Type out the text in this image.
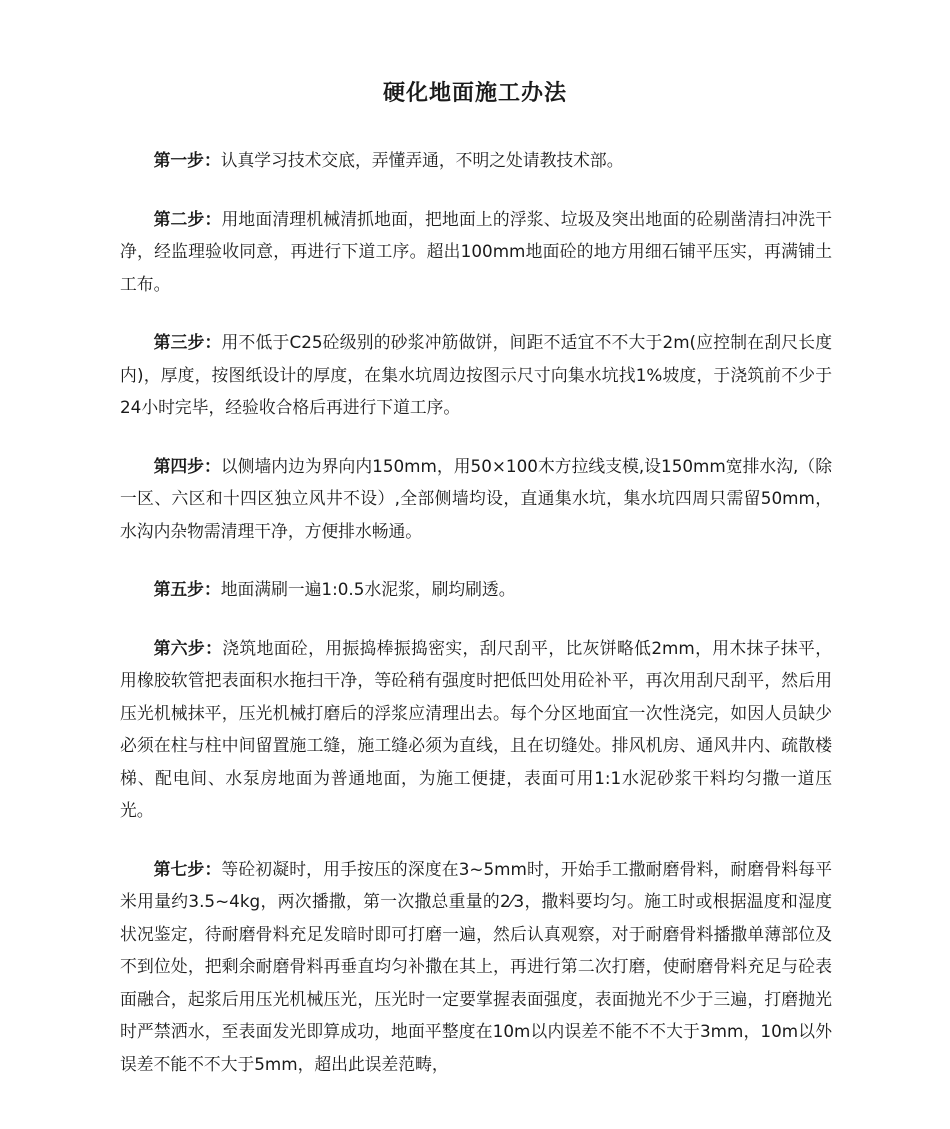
硬化地面施工办法

第一步：认真学习技术交底，弄懂弄通，不明之处请教技术部。

第二步：用地面清理机械清抓地面，把地面上的浮浆、垃圾及突出地面的砼剔凿清扫冲洗干净，经监理验收同意，再进行下道工序。超出100mm地面砼的地方用细石铺平压实，再满铺土工布。

第三步：用不低于C25砼级别的砂浆冲筋做饼，间距不适宜不不大于2m(应控制在刮尺长度内)，厚度，按图纸设计的厚度，在集水坑周边按图示尺寸向集水坑找1%坡度，于浇筑前不少于24小时完毕，经验收合格后再进行下道工序。

第四步：以侧墙内边为界向内150mm，用50×100木方拉线支模,设150mm宽排水沟,（除一区、六区和十四区独立风井不设）,全部侧墙均设，直通集水坑，集水坑四周只需留50mm，水沟内杂物需清理干净，方便排水畅通。

第五步：地面满刷一遍1:0.5水泥浆，刷均刷透。

第六步：浇筑地面砼，用振捣棒振捣密实，刮尺刮平，比灰饼略低2mm，用木抹子抹平，用橡胶软管把表面积水拖扫干净，等砼稍有强度时把低凹处用砼补平，再次用刮尺刮平，然后用压光机械抹平，压光机械打磨后的浮浆应清理出去。每个分区地面宜一次性浇完，如因人员缺少必须在柱与柱中间留置施工缝，施工缝必须为直线，且在切缝处。排风机房、通风井内、疏散楼梯、配电间、水泵房地面为普通地面，为施工便捷，表面可用1:1水泥砂浆干料均匀撒一道压光。

第七步：等砼初凝时，用手按压的深度在3~5mm时，开始手工撒耐磨骨料，耐磨骨料每平米用量约3.5~4kg，两次播撒，第一次撒总重量的2⁄3，撒料要均匀。施工时或根据温度和湿度状况鉴定，待耐磨骨料充足发暗时即可打磨一遍，然后认真观察，对于耐磨骨料播撒单薄部位及不到位处，把剩余耐磨骨料再垂直均匀补撒在其上，再进行第二次打磨，使耐磨骨料充足与砼表面融合，起浆后用压光机械压光，压光时一定要掌握表面强度，表面抛光不少于三遍，打磨抛光时严禁洒水，至表面发光即算成功，地面平整度在10m以内误差不能不不大于3mm，10m以外误差不能不不大于5mm，超出此误差范畴，
